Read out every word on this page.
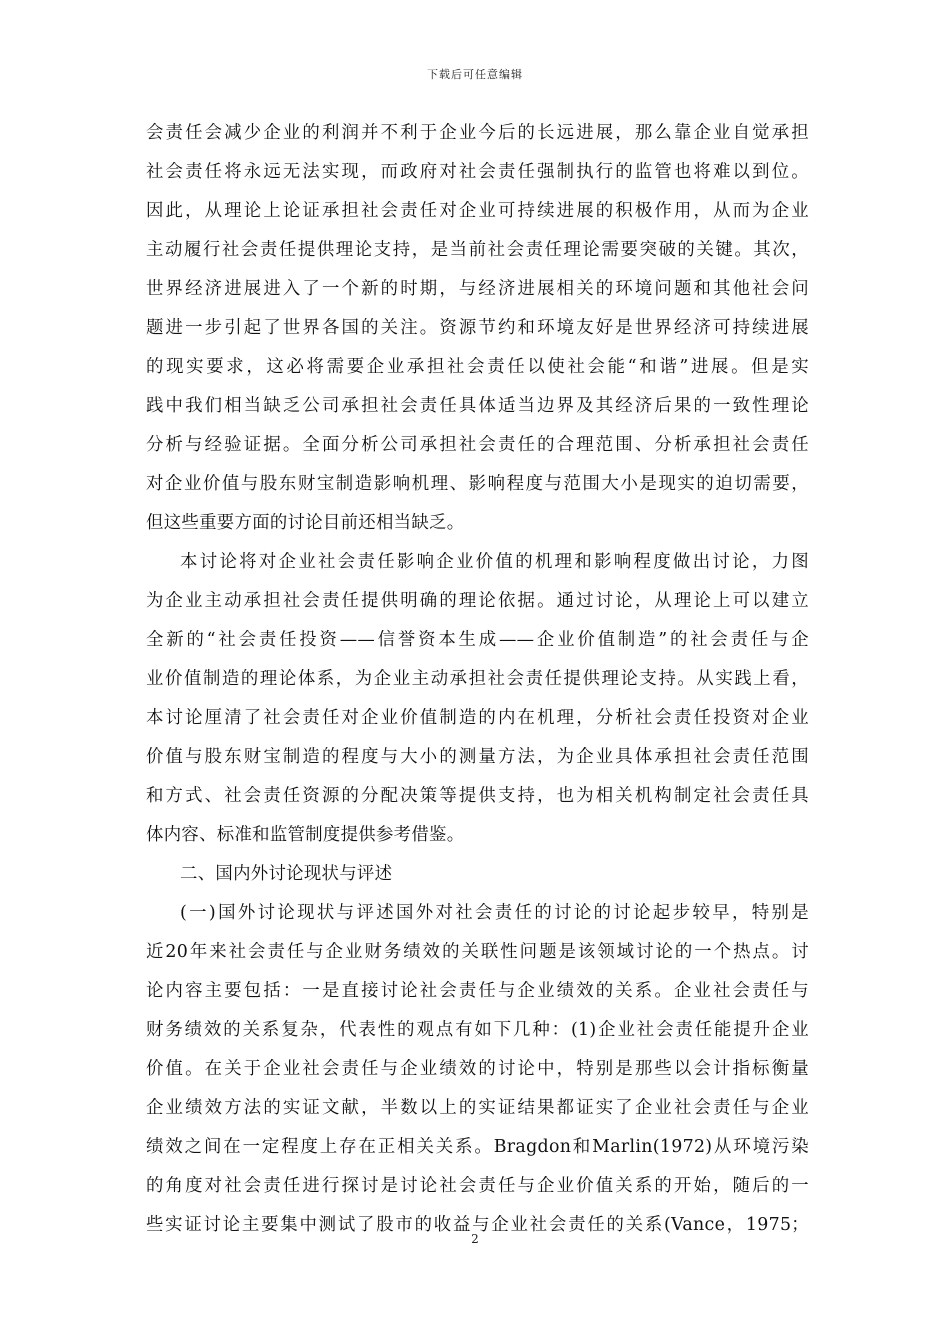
下载后可任意编辑
会责任会减少企业的利润并不利于企业今后的长远进展，那么靠企业自觉承担
社会责任将永远无法实现，而政府对社会责任强制执行的监管也将难以到位。
因此，从理论上论证承担社会责任对企业可持续进展的积极作用，从而为企业
主动履行社会责任提供理论支持，是当前社会责任理论需要突破的关键。其次，
世界经济进展进入了一个新的时期，与经济进展相关的环境问题和其他社会问
题进一步引起了世界各国的关注。资源节约和环境友好是世界经济可持续进展
的现实要求，这必将需要企业承担社会责任以使社会能“和谐”进展。但是实
践中我们相当缺乏公司承担社会责任具体适当边界及其经济后果的一致性理论
分析与经验证据。全面分析公司承担社会责任的合理范围、分析承担社会责任
对企业价值与股东财宝制造影响机理、影响程度与范围大小是现实的迫切需要，
但这些重要方面的讨论目前还相当缺乏。
本讨论将对企业社会责任影响企业价值的机理和影响程度做出讨论，力图
为企业主动承担社会责任提供明确的理论依据。通过讨论，从理论上可以建立
全新的“社会责任投资——信誉资本生成——企业价值制造”的社会责任与企
业价值制造的理论体系，为企业主动承担社会责任提供理论支持。从实践上看，
本讨论厘清了社会责任对企业价值制造的内在机理，分析社会责任投资对企业
价值与股东财宝制造的程度与大小的测量方法，为企业具体承担社会责任范围
和方式、社会责任资源的分配决策等提供支持，也为相关机构制定社会责任具
体内容、标准和监管制度提供参考借鉴。
二、国内外讨论现状与评述
(一)国外讨论现状与评述国外对社会责任的讨论的讨论起步较早，特别是
近20年来社会责任与企业财务绩效的关联性问题是该领域讨论的一个热点。讨
论内容主要包括：一是直接讨论社会责任与企业绩效的关系。企业社会责任与
财务绩效的关系复杂，代表性的观点有如下几种：(1)企业社会责任能提升企业
价值。在关于企业社会责任与企业绩效的讨论中，特别是那些以会计指标衡量
企业绩效方法的实证文献，半数以上的实证结果都证实了企业社会责任与企业
绩效之间在一定程度上存在正相关关系。Bragdon和Marlin(1972)从环境污染
的角度对社会责任进行探讨是讨论社会责任与企业价值关系的开始，随后的一
些实证讨论主要集中测试了股市的收益与企业社会责任的关系(Vance，1975；
2
